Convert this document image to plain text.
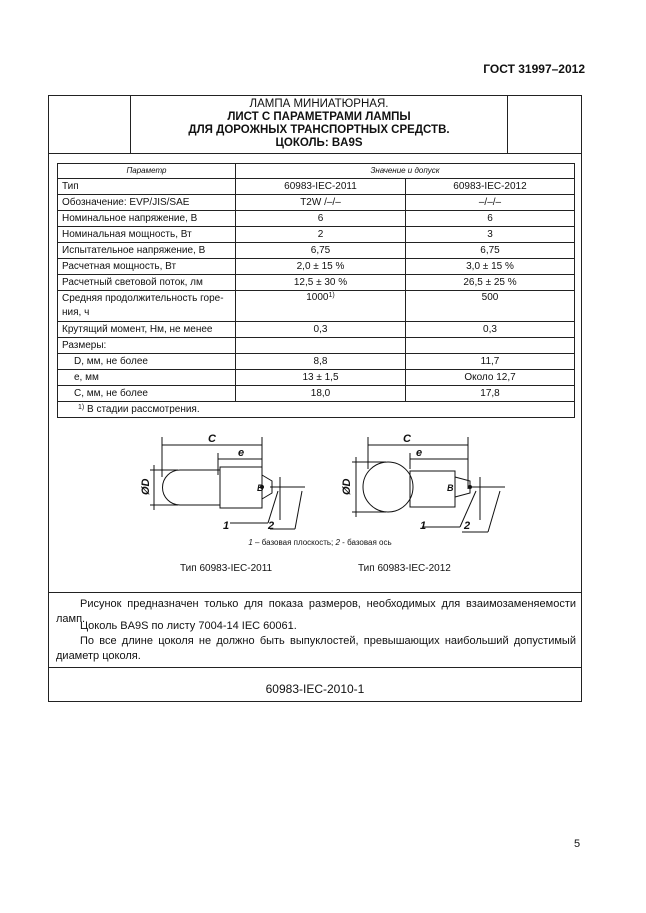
ГОСТ 31997–2012
ЛАМПА МИНИАТЮРНАЯ.
ЛИСТ С ПАРАМЕТРАМИ ЛАМПЫ
ДЛЯ ДОРОЖНЫХ ТРАНСПОРТНЫХ СРЕДСТВ.
ЦОКОЛЬ: BA9S
Параметр	Значение и допуск	
Тип	60983-IEC-2011	60983-IEC-2012
Обозначение: EVP/JIS/SAE	T2W /–/–	–/–/–
Номинальное напряжение, В	6	6
Номинальная мощность, Вт	2	3
Испытательное напряжение, В	6,75	6,75
Расчетная мощность, Вт	2,0 ± 15 %	3,0 ± 15 %
Расчетный световой поток, лм	12,5 ± 30 %	26,5 ± 25 %
Средняя продолжительность горе-
ния, ч	1000$^{1)}$	500
Крутящий момент, Нм, не менее	0,3	0,3
Размеры:		
D, мм, не более	8,8	11,7
e, мм	13 ± 1,5	Около 12,7
C, мм, не более	18,0	17,8
$^{1)}$ В стадии рассмотрения.		
C
e
ØD	B
1	2
C
e
ØD	B
1	2
1 – базовая плоскость; 2 - базовая ось
Тип 60983-IEC-2011	Тип 60983-IEC-2012
Рисунок предназначен только для показа размеров, необходимых для взаимозаменяемости ламп.
Цоколь BA9S по листу 7004-14 IEC 60061.
По все длине цоколя не должно быть выпуклостей, превышающих наибольший допустимый диаметр цоколя.
60983-IEC-2010-1
5
